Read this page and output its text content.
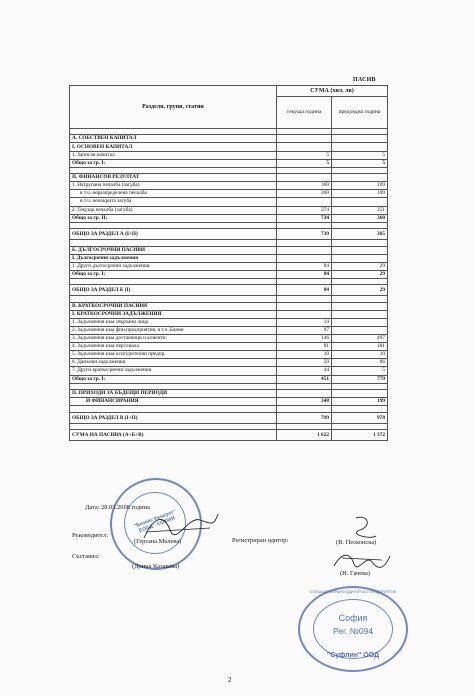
ПАСИВ
Раздели, групи, статии	СУМА (хил. лв)	
	текуща година	предходна година

А. СОБСТВЕН КАПИТАЛ		
I. ОСНОВЕН КАПИТАЛ		
1. Записан капитал	5	5
Общо за гр. I:	5	5

II. ФИНАНСОВ РЕЗУЛТАТ		
1. Натрупана печалба (загуба)	360	109
в т.ч. неразпределена печалба	360	109
в т.ч. непокрита загуба		
2. Текуща печалба (загуба)	374	251
Общо за гр. II:	734	360

ОБЩО ЗА РАЗДЕЛ А (I+II)	739	365

Б. ДЪЛГОСРОЧНИ ПАСИВИ		
I. Дългосрочни задължения		
1. Други дългосрочни задължения	84	29
Общо за гр. I:	84	29

ОБЩО ЗА РАЗДЕЛ Б (I)	84	29

В. КРАТКОСРОЧНИ ПАСИВИ		
I. КРАТКОСРОЧНИ ЗАДЪЛЖЕНИЯ		
1. Задължения към свързани лица	14	
2. Задължения към фин.предприятия, в т.ч. Банки	97	
3. Задължения към доставчици и клиенти	146	497
4. Задължения към персонала	81	181
5. Задължения към осигурителни предпр.	10	10
6. Данъчни задължения	59	86
7. Други краткосрочни задължения	44	5
Общо за гр. I:	451	779

II. ПРИХОДИ ЗА БЪДЕЩИ ПЕРИОДИ		
И ФИНАНСИРАНИЯ	348	199

ОБЩО ЗА РАЗДЕЛ В (I+II)	799	978

СУМА НА ПАСИВА (А+Б+В)	1 622	1 372
"Бизнес Консулт" ЕООД · СОФИЯ
Дата: 28.03.2008 година
Ръководител:
(Гергана Малева)	Регистриран одитор:	(В. Песконска)
Съставил:
(Донна Казакова)
(Н. Гачева)
СПЕЦИАЛИЗИРАНО ОДИТОРСКО ПРЕДПРИЯТИЕ
София
Рег. №094
"Суфлин" ООД
2
